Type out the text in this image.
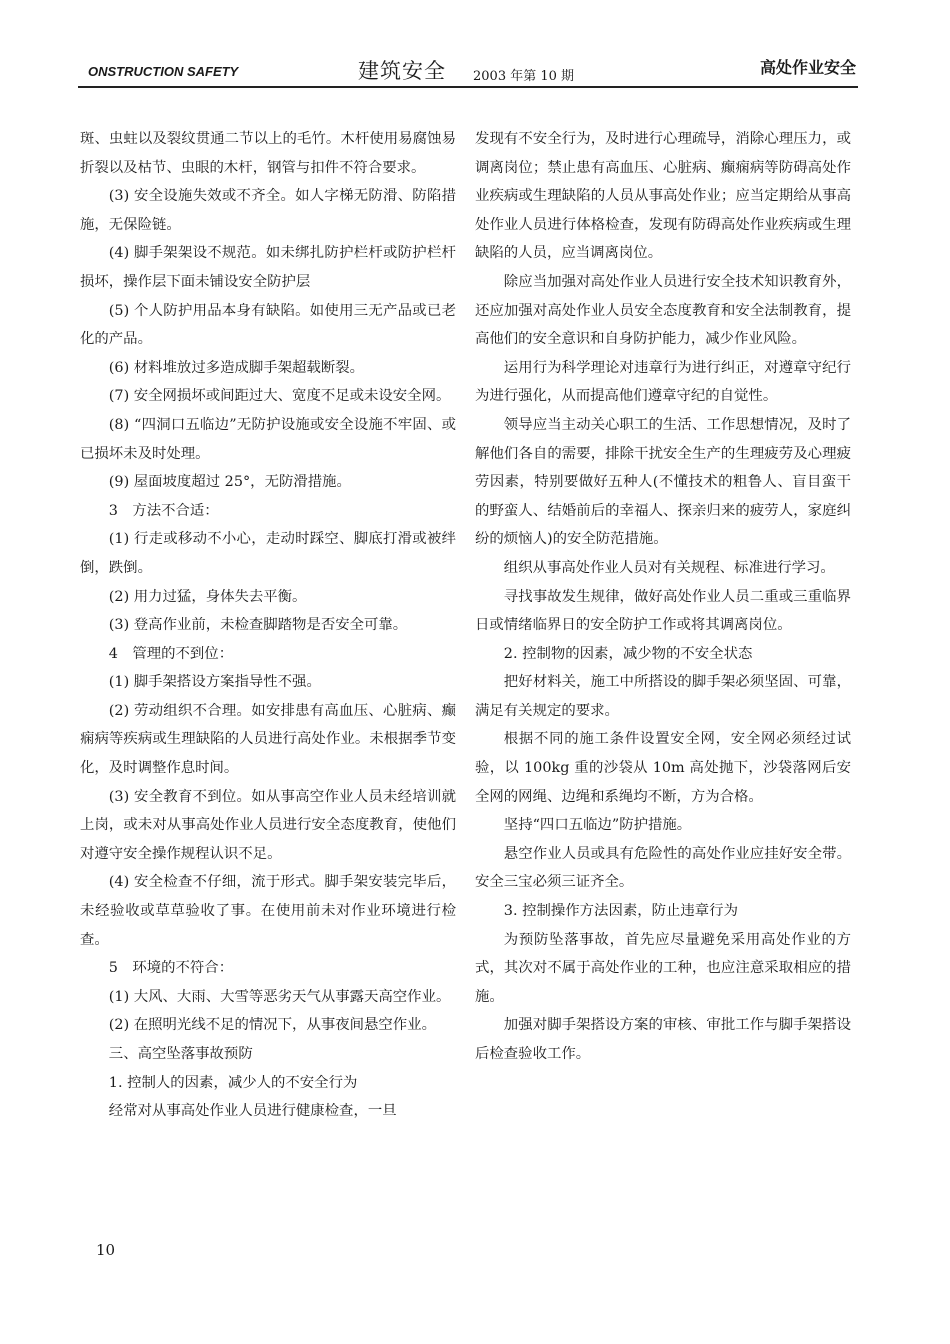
ONSTRUCTION SAFETY	建筑安全 2003 年第 10 期	高处作业安全

斑、虫蛀以及裂纹贯通二节以上的毛竹。木杆使用易腐蚀易折裂以及枯节、虫眼的木杆，钢管与扣件不符合要求。

(3) 安全设施失效或不齐全。如人字梯无防滑、防陷措施，无保险链。

(4) 脚手架架设不规范。如未绑扎防护栏杆或防护栏杆损坏，操作层下面未铺设安全防护层

(5) 个人防护用品本身有缺陷。如使用三无产品或已老化的产品。

(6) 材料堆放过多造成脚手架超载断裂。

(7) 安全网损坏或间距过大、宽度不足或未设安全网。

(8) “四洞口五临边”无防护设施或安全设施不牢固、或已损坏未及时处理。

(9) 屋面坡度超过 25°，无防滑措施。

3　方法不合适：

(1) 行走或移动不小心，走动时踩空、脚底打滑或被绊倒，跌倒。

(2) 用力过猛，身体失去平衡。

(3) 登高作业前，未检查脚踏物是否安全可靠。

4　管理的不到位：

(1) 脚手架搭设方案指导性不强。

(2) 劳动组织不合理。如安排患有高血压、心脏病、癫痫病等疾病或生理缺陷的人员进行高处作业。未根据季节变化，及时调整作息时间。

(3) 安全教育不到位。如从事高空作业人员未经培训就上岗，或未对从事高处作业人员进行安全态度教育，使他们对遵守安全操作规程认识不足。

(4) 安全检查不仔细，流于形式。脚手架安装完毕后，未经验收或草草验收了事。在使用前未对作业环境进行检查。

5　环境的不符合：

(1) 大风、大雨、大雪等恶劣天气从事露天高空作业。

(2) 在照明光线不足的情况下，从事夜间悬空作业。

三、高空坠落事故预防

1. 控制人的因素，减少人的不安全行为

经常对从事高处作业人员进行健康检查，一旦

发现有不安全行为，及时进行心理疏导，消除心理压力，或调离岗位；禁止患有高血压、心脏病、癫痫病等防碍高处作业疾病或生理缺陷的人员从事高处作业；应当定期给从事高处作业人员进行体格检查，发现有防碍高处作业疾病或生理缺陷的人员，应当调离岗位。

除应当加强对高处作业人员进行安全技术知识教育外，还应加强对高处作业人员安全态度教育和安全法制教育，提高他们的安全意识和自身防护能力，减少作业风险。

运用行为科学理论对违章行为进行纠正，对遵章守纪行为进行强化，从而提高他们遵章守纪的自觉性。

领导应当主动关心职工的生活、工作思想情况，及时了解他们各自的需要，排除干扰安全生产的生理疲劳及心理疲劳因素，特别要做好五种人(不懂技术的粗鲁人、盲目蛮干的野蛮人、结婚前后的幸福人、探亲归来的疲劳人，家庭纠纷的烦恼人)的安全防范措施。

组织从事高处作业人员对有关规程、标准进行学习。

寻找事故发生规律，做好高处作业人员二重或三重临界日或情绪临界日的安全防护工作或将其调离岗位。

2. 控制物的因素，减少物的不安全状态

把好材料关，施工中所搭设的脚手架必须坚固、可靠，满足有关规定的要求。

根据不同的施工条件设置安全网，安全网必须经过试验，以 100kg 重的沙袋从 10m 高处抛下，沙袋落网后安全网的网绳、边绳和系绳均不断，方为合格。

坚持“四口五临边”防护措施。

悬空作业人员或具有危险性的高处作业应挂好安全带。安全三宝必须三证齐全。

3. 控制操作方法因素，防止违章行为

为预防坠落事故，首先应尽量避免采用高处作业的方式，其次对不属于高处作业的工种，也应注意采取相应的措施。

加强对脚手架搭设方案的审核、审批工作与脚手架搭设后检查验收工作。

10
